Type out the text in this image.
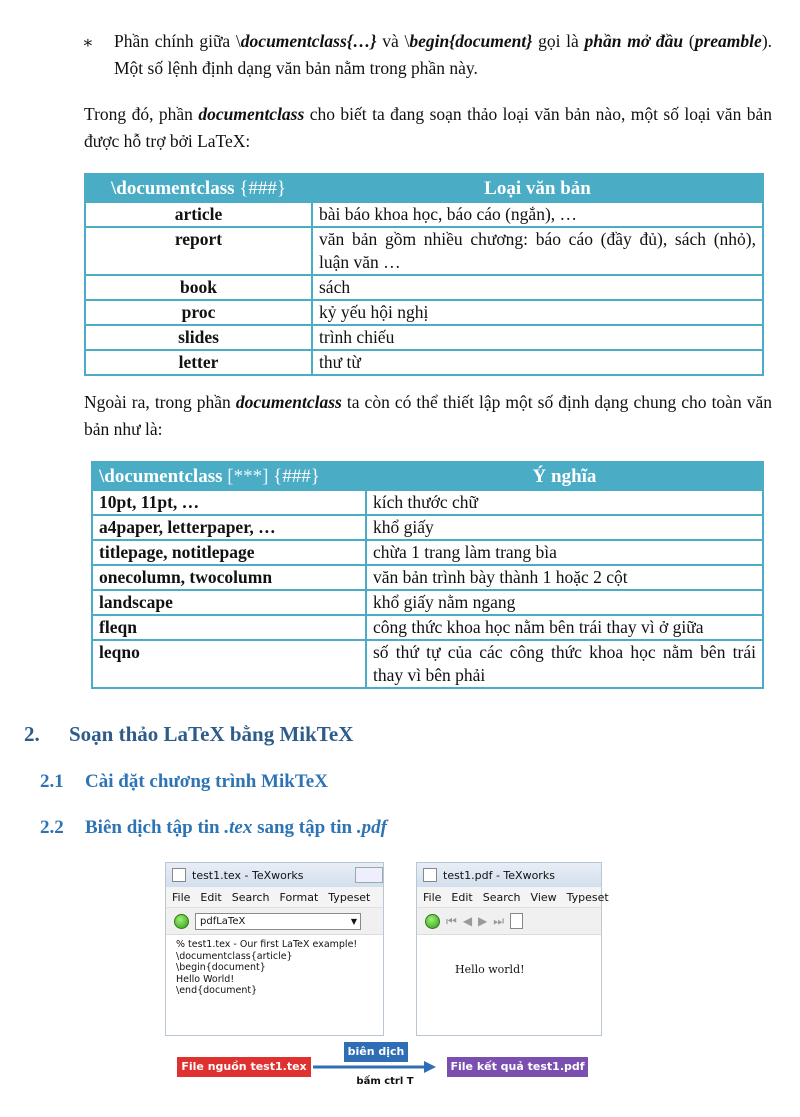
∗ Phần chính giữa \documentclass{…} và \begin{document} gọi là phần mở đầu (preamble). Một số lệnh định dạng văn bản nằm trong phần này.
Trong đó, phần documentclass cho biết ta đang soạn thảo loại văn bản nào, một số loại văn bản được hỗ trợ bởi LaTeX:
\documentclass {###}	Loại văn bản
article	bài báo khoa học, báo cáo (ngắn), …
report	văn bản gồm nhiều chương: báo cáo (đầy đủ), sách (nhỏ), luận văn …
book	sách
proc	kỷ yếu hội nghị
slides	trình chiếu
letter	thư từ
Ngoài ra, trong phần documentclass ta còn có thể thiết lập một số định dạng chung cho toàn văn bản như là:
\documentclass [***] {###}	Ý nghĩa
10pt, 11pt, …	kích thước chữ
a4paper, letterpaper, …	khổ giấy
titlepage, notitlepage	chừa 1 trang làm trang bìa
onecolumn, twocolumn	văn bản trình bày thành 1 hoặc 2 cột
landscape	khổ giấy nằm ngang
fleqn	công thức khoa học nằm bên trái thay vì ở giữa
leqno	số thứ tự của các công thức khoa học nằm bên trái thay vì bên phải
2. Soạn thảo LaTeX bằng MikTeX
2.1 Cài đặt chương trình MikTeX
2.2 Biên dịch tập tin .tex sang tập tin .pdf
test1.tex - TeXworks
File Edit Search Format Typeset
pdfLaTeX	▼
% test1.tex - Our first LaTeX example!
\documentclass{article}
\begin{document}
Hello World!
\end{document}
test1.pdf - TeXworks
File Edit Search View Typeset
⏮ ◀ ▶ ⏭
Hello world!
File nguồn test1.tex
biên dịch
File kết quả test1.pdf
bấm ctrl T
